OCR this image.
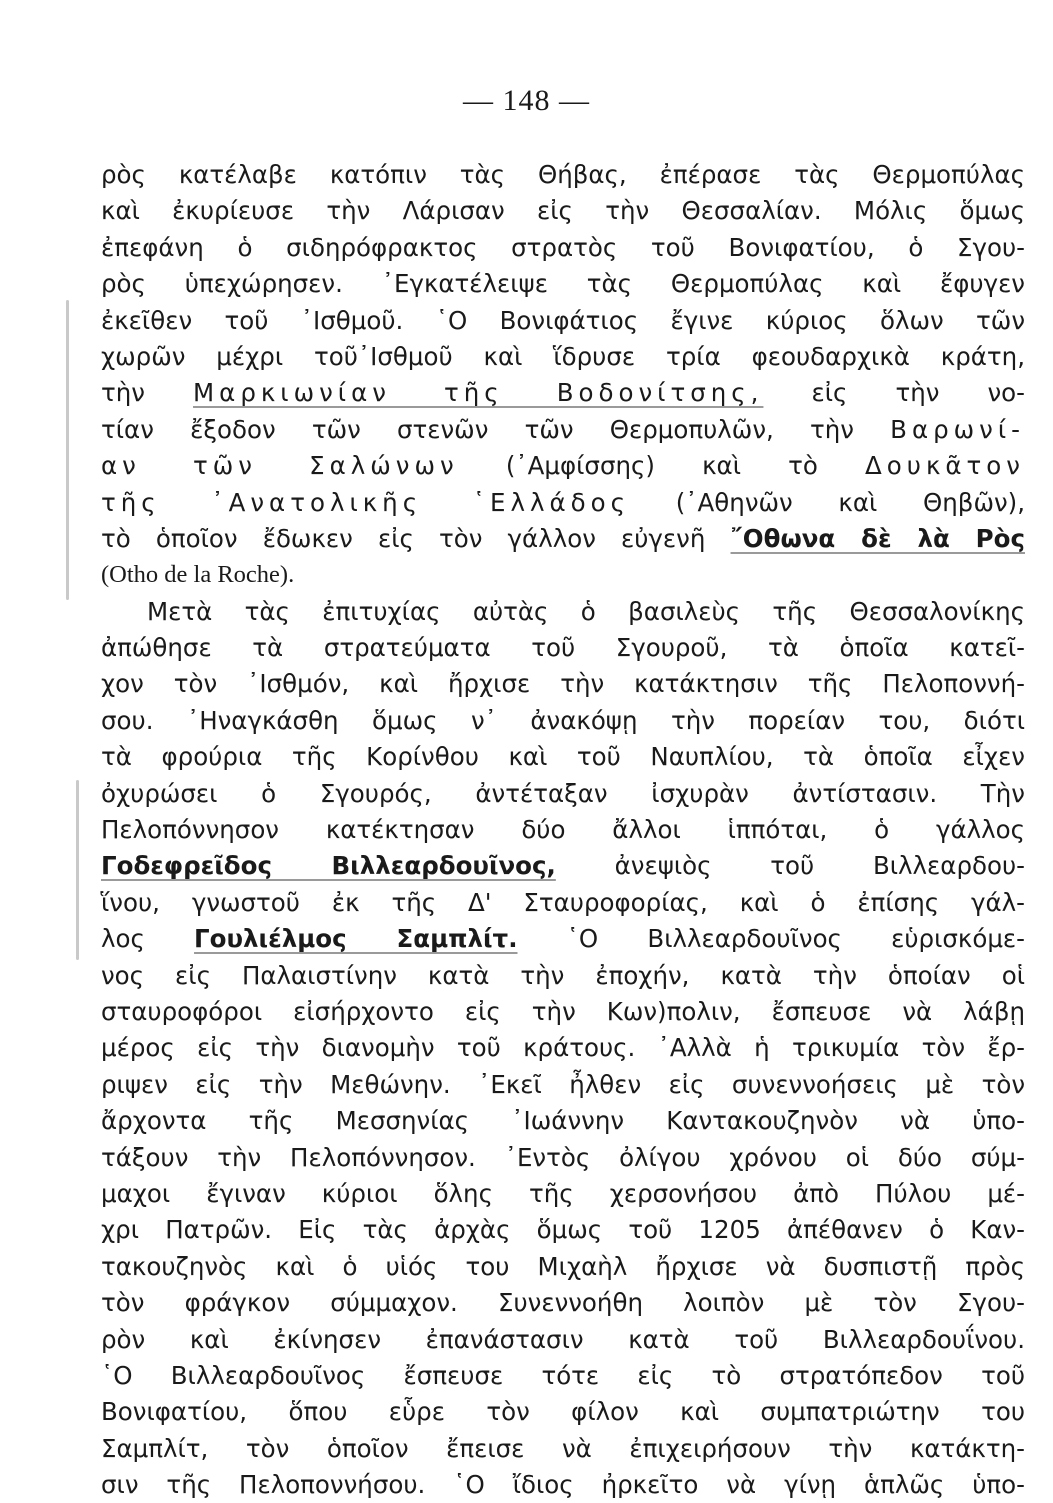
— 148 —
ρὸς κατέλαβε κατόπιν τὰς Θήβας, ἐπέρασε τὰς Θερμοπύλας
καὶ ἐκυρίευσε τὴν Λάρισαν εἰς τὴν Θεσσαλίαν. Μόλις ὅμως
ἐπεφάνη ὁ σιδηρόφρακτος στρατὸς τοῦ Βονιφατίου, ὁ Σγου-
ρὸς ὑπεχώρησεν. ᾿Εγκατέλειψε τὰς Θερμοπύλας καὶ ἔφυγεν
ἐκεῖθεν τοῦ ᾿Ισθμοῦ. ῾Ο Βονιφάτιος ἔγινε κύριος ὅλων τῶν
χωρῶν μέχρι τοῦ᾿Ισθμοῦ καὶ ἵδρυσε τρία φεουδαρχικὰ κράτη,
τὴν Μαρκιωνίαν τῆς Βοδονίτσης, εἰς τὴν νο-
τίαν ἔξοδον τῶν στενῶν τῶν Θερμοπυλῶν, τὴν Βαρωνί-
αν τῶν Σαλώνων (᾿Αμφίσσης) καὶ τὸ Δουκᾶτον
τῆς ᾿Ανατολικῆς ῾Ελλάδος (᾿Αθηνῶν καὶ Θηβῶν),
τὸ ὁποῖον ἔδωκεν εἰς τὸν γάλλον εὐγενῆ ῎Οθωνα δὲ λὰ Ρὸς
(Otho de la Roche).
Μετὰ τὰς ἐπιτυχίας αὐτὰς ὁ βασιλεὺς τῆς Θεσσαλονίκης
ἀπώθησε τὰ στρατεύματα τοῦ Σγουροῦ, τὰ ὁποῖα κατεῖ-
χον τὸν ᾿Ισθμόν, καὶ ἤρχισε τὴν κατάκτησιν τῆς Πελοποννή-
σου. ᾿Ηναγκάσθη ὅμως ν᾿ ἀνακόψῃ τὴν πορείαν του, διότι
τὰ φρούρια τῆς Κορίνθου καὶ τοῦ Ναυπλίου, τὰ ὁποῖα εἶχεν
ὀχυρώσει ὁ Σγουρός, ἀντέταξαν ἰσχυρὰν ἀντίστασιν. Τὴν
Πελοπόννησον κατέκτησαν δύο ἄλλοι ἱππόται, ὁ γάλλος
Γοδεφρεῖδος Βιλλεαρδουῖνος, ἀνεψιὸς τοῦ Βιλλεαρδου-
ἵνου, γνωστοῦ ἐκ τῆς Δ' Σταυροφορίας, καὶ ὁ ἐπίσης γάλ-
λος Γουλιέλμος Σαμπλίτ. ῾Ο Βιλλεαρδουῖνος εὑρισκόμε-
νος εἰς Παλαιστίνην κατὰ τὴν ἐποχήν, κατὰ τὴν ὁποίαν οἱ
σταυροφόροι εἰσήρχοντο εἰς τὴν Κων)πολιν, ἔσπευσε νὰ λάβῃ
μέρος εἰς τὴν διανομὴν τοῦ κράτους. ᾿Αλλὰ ἡ τρικυμία τὸν ἔρ-
ριψεν εἰς τὴν Μεθώνην. ᾿Εκεῖ ἦλθεν εἰς συνεννοήσεις μὲ τὸν
ἄρχοντα τῆς Μεσσηνίας ᾿Ιωάννην Καντακουζηνὸν νὰ ὑπο-
τάξουν τὴν Πελοπόννησον. ᾿Εντὸς ὀλίγου χρόνου οἱ δύο σύμ-
μαχοι ἔγιναν κύριοι ὅλης τῆς χερσονήσου ἀπὸ Πύλου μέ-
χρι Πατρῶν. Εἰς τὰς ἀρχὰς ὅμως τοῦ 1205 ἀπέθανεν ὁ Καν-
τακουζηνὸς καὶ ὁ υἱός του Μιχαὴλ ἤρχισε νὰ δυσπιστῇ πρὸς
τὸν φράγκον σύμμαχον. Συνεννοήθη λοιπὸν μὲ τὸν Σγου-
ρὸν καὶ ἐκίνησεν ἐπανάστασιν κατὰ τοῦ Βιλλεαρδουΐνου.
῾Ο Βιλλεαρδουῖνος ἔσπευσε τότε εἰς τὸ στρατόπεδον τοῦ
Βονιφατίου, ὅπου εὗρε τὸν φίλον καὶ συμπατριώτην του
Σαμπλίτ, τὸν ὁποῖον ἔπεισε νὰ ἐπιχειρήσουν τὴν κατάκτη-
σιν τῆς Πελοποννήσου. ῾Ο ἴδιος ἠρκεῖτο νὰ γίνῃ ἁπλῶς ὑπο-
